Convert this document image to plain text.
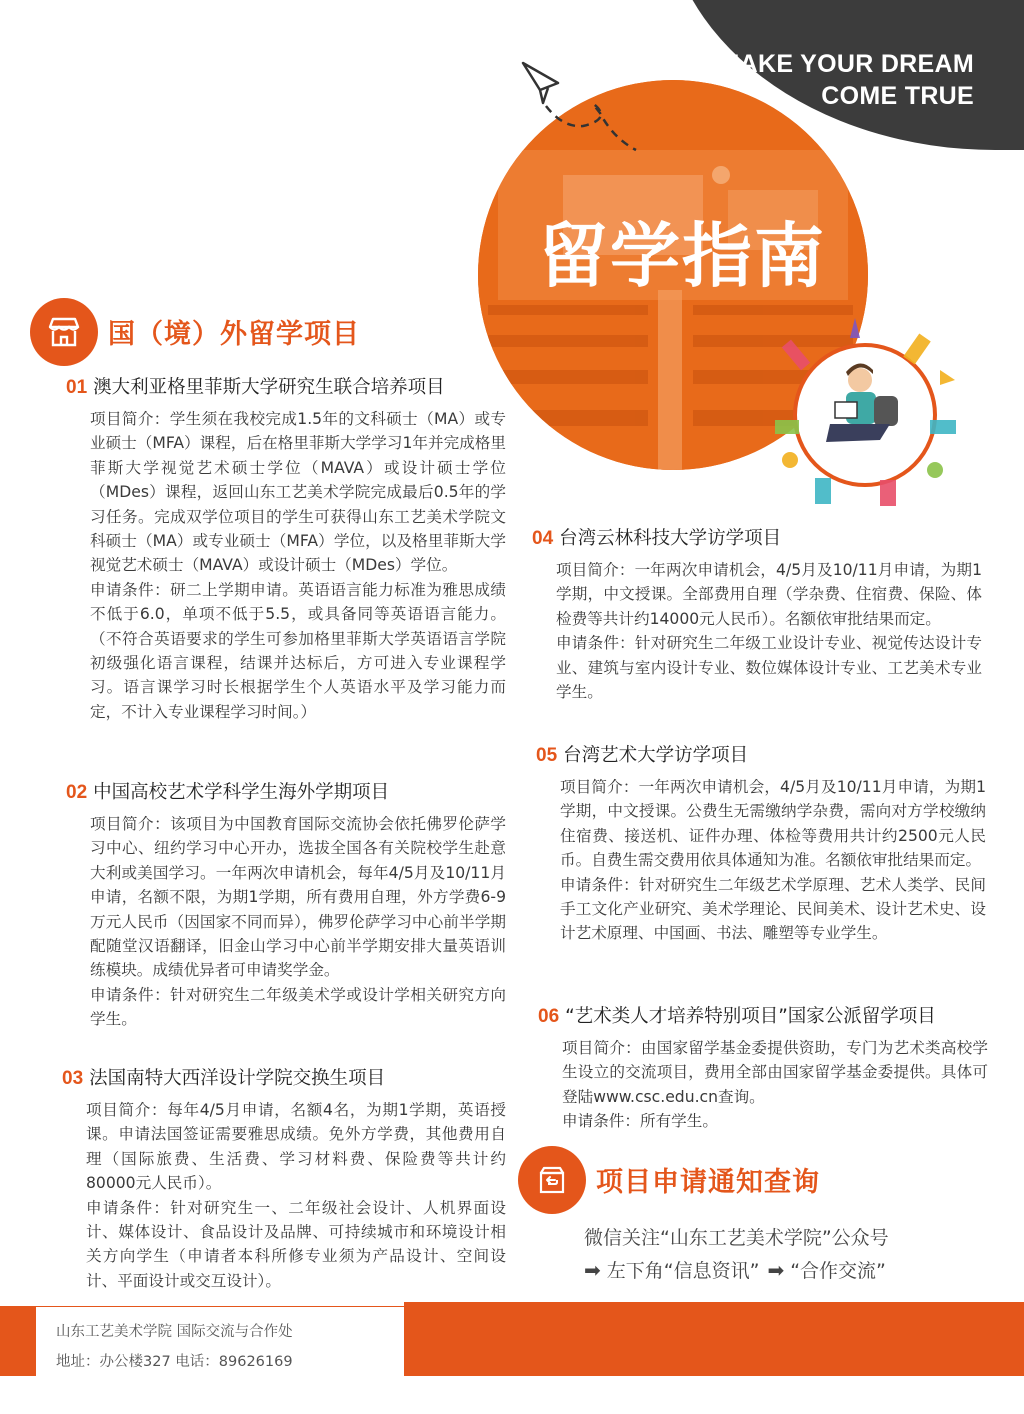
MAKE YOUR DREAM
COME TRUE
留学指南
国（境）外留学项目
01 澳大利亚格里菲斯大学研究生联合培养项目

项目简介：学生须在我校完成1.5年的文科硕士（MA）或专业硕士（MFA）课程，后在格里菲斯大学学习1年并完成格里菲斯大学视觉艺术硕士学位（MAVA）或设计硕士学位（MDes）课程，返回山东工艺美术学院完成最后0.5年的学习任务。完成双学位项目的学生可获得山东工艺美术学院文科硕士（MA）或专业硕士（MFA）学位，以及格里菲斯大学视觉艺术硕士（MAVA）或设计硕士（MDes）学位。

申请条件：研二上学期申请。英语语言能力标准为雅思成绩不低于6.0，单项不低于5.5，或具备同等英语语言能力。（不符合英语要求的学生可参加格里菲斯大学英语语言学院初级强化语言课程，结课并达标后，方可进入专业课程学习。语言课学习时长根据学生个人英语水平及学习能力而定，不计入专业课程学习时间。）

02 中国高校艺术学科学生海外学期项目

项目简介：该项目为中国教育国际交流协会依托佛罗伦萨学习中心、纽约学习中心开办，选拔全国各有关院校学生赴意大利或美国学习。一年两次申请机会，每年4/5月及10/11月申请，名额不限，为期1学期，所有费用自理，外方学费6-9万元人民币（因国家不同而异），佛罗伦萨学习中心前半学期配随堂汉语翻译，旧金山学习中心前半学期安排大量英语训练模块。成绩优异者可申请奖学金。

申请条件：针对研究生二年级美术学或设计学相关研究方向学生。

03 法国南特大西洋设计学院交换生项目

项目简介：每年4/5月申请，名额4名，为期1学期，英语授课。申请法国签证需要雅思成绩。免外方学费，其他费用自理（国际旅费、生活费、学习材料费、保险费等共计约80000元人民币）。

申请条件：针对研究生一、二年级社会设计、人机界面设计、媒体设计、食品设计及品牌、可持续城市和环境设计相关方向学生（申请者本科所修专业须为产品设计、空间设计、平面设计或交互设计）。

04 台湾云林科技大学访学项目

项目简介：一年两次申请机会，4/5月及10/11月申请，为期1学期，中文授课。全部费用自理（学杂费、住宿费、保险、体检费等共计约14000元人民币）。名额依审批结果而定。

申请条件：针对研究生二年级工业设计专业、视觉传达设计专业、建筑与室内设计专业、数位媒体设计专业、工艺美术专业学生。

05 台湾艺术大学访学项目

项目简介：一年两次申请机会，4/5月及10/11月申请，为期1学期，中文授课。公费生无需缴纳学杂费，需向对方学校缴纳住宿费、接送机、证件办理、体检等费用共计约2500元人民币。自费生需交费用依具体通知为准。名额依审批结果而定。

申请条件：针对研究生二年级艺术学原理、艺术人类学、民间手工文化产业研究、美术学理论、民间美术、设计艺术史、设计艺术原理、中国画、书法、雕塑等专业学生。

06 “艺术类人才培养特别项目”国家公派留学项目

项目简介：由国家留学基金委提供资助，专门为艺术类高校学生设立的交流项目，费用全部由国家留学基金委提供。具体可登陆www.csc.edu.cn查询。

申请条件：所有学生。

项目申请通知查询
微信关注“山东工艺美术学院”公众号
➡ 左下角“信息资讯” ➡ “合作交流”
山东工艺美术学院 国际交流与合作处
地址：办公楼327 电话：89626169
